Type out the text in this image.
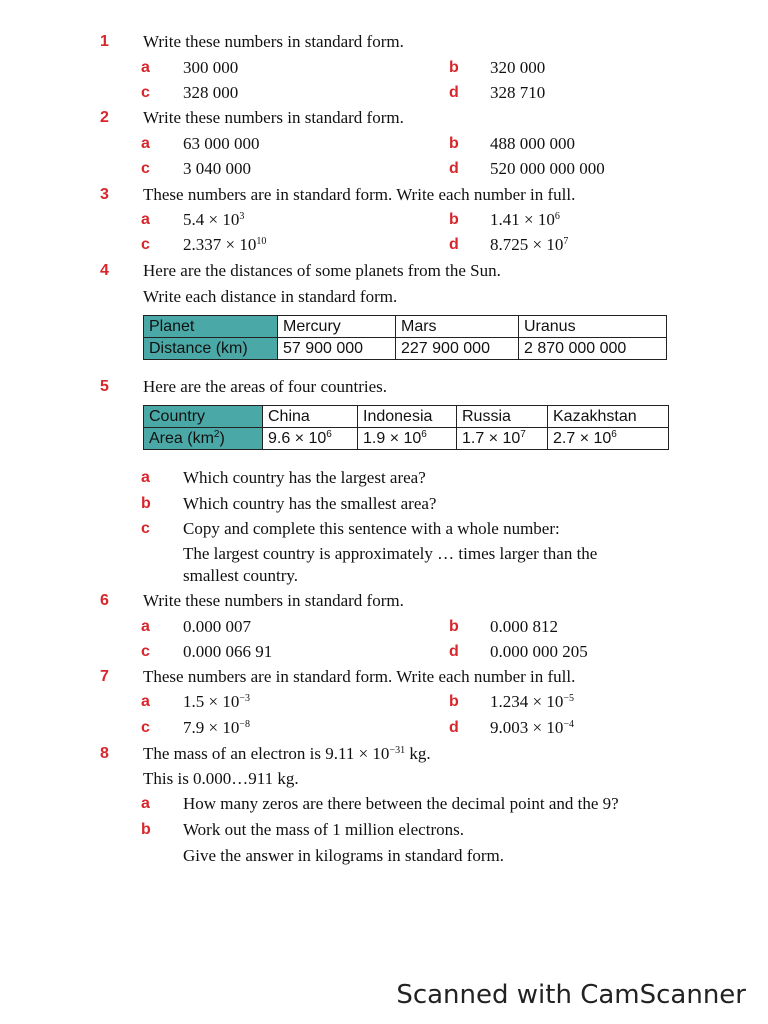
1	Write these numbers in standard form.
a	300 000	b	320 000
c	328 000	d	328 710
2	Write these numbers in standard form.
a	63 000 000	b	488 000 000
c	3 040 000	d	520 000 000 000
3	These numbers are in standard form. Write each number in full.
a	$5.4 \times 10^3$	b	$1.41 \times 10^6$
c	$2.337 \times 10^{10}$	d	$8.725 \times 10^7$
4	Here are the distances of some planets from the Sun.
Write each distance in standard form.
Planet	Mercury	Mars	Uranus
Distance (km)	57 900 000	227 900 000	2 870 000 000
5	Here are the areas of four countries.
Country	China	Indonesia	Russia	Kazakhstan
Area $(km^2)$	$9.6 \times 10^6$	$1.9 \times 10^6$	$1.7 \times 10^7$	$2.7 \times 10^6$
a	Which country has the largest area?
b	Which country has the smallest area?
c	Copy and complete this sentence with a whole number:
The largest country is approximately … times larger than the
smallest country.
6	Write these numbers in standard form.
a	0.000 007	b	0.000 812
c	0.000 066 91	d	0.000 000 205
7	These numbers are in standard form. Write each number in full.
a	$1.5 \times 10^{-3}$	b	$1.234 \times 10^{-5}$
c	$7.9 \times 10^{-8}$	d	$9.003 \times 10^{-4}$
8	The mass of an electron is $9.11 \times 10^{-31}$ kg.
This is 0.000…911 kg.
a	How many zeros are there between the decimal point and the 9?
b	Work out the mass of 1 million electrons.
Give the answer in kilograms in standard form.
Scanned with CamScanner
